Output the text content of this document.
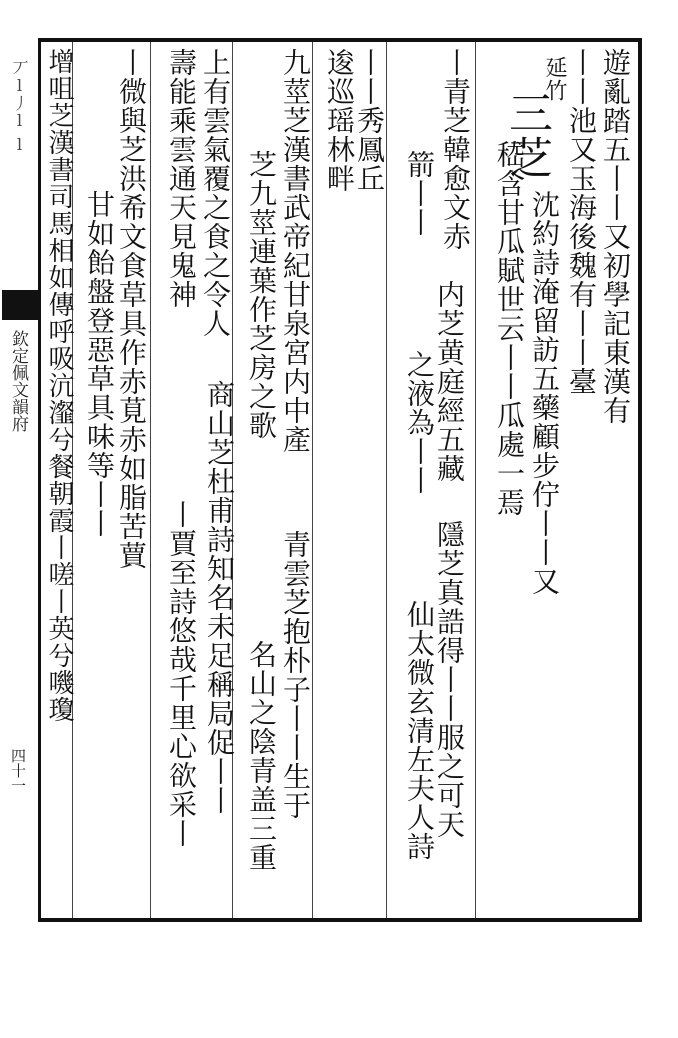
丆ⅼ丿ⅼ ⅼ
欽定佩文韻府
四十一
遊亂踏五丨丨又初學記東漢有
丨丨池又玉海後魏有丨丨臺
延竹
三芝
沈約詩淹留訪五藥顧步佇丨丨又
嵇含甘瓜賦世云丨丨瓜處一焉
丨青芝韓愈文赤
箭丨丨
内芝黄庭經五藏
之液為丨丨
隱芝真誥得丨丨服之可天
仙太微玄清左夫人詩
丨丨秀鳳丘
逡巡瑶林畔
九莖芝漢書武帝紀甘泉宮内中產
芝九莖連葉作芝房之歌
青雲芝抱朴子丨丨生于
名山之陰青盖三重
上有雲氣覆之食之令人
壽能乘雲通天見鬼神
商山芝杜甫詩知名未足稱局促丨丨
丨賈至詩悠哉千里心欲采丨
丨微與芝洪希文食草具作赤莧赤如脂苦蕒
甘如飴盤登惡草具味等丨丨
增咀芝漢書司馬相如傳呼吸沆瀣兮餐朝霞丨嗟丨英兮嘰瓊
